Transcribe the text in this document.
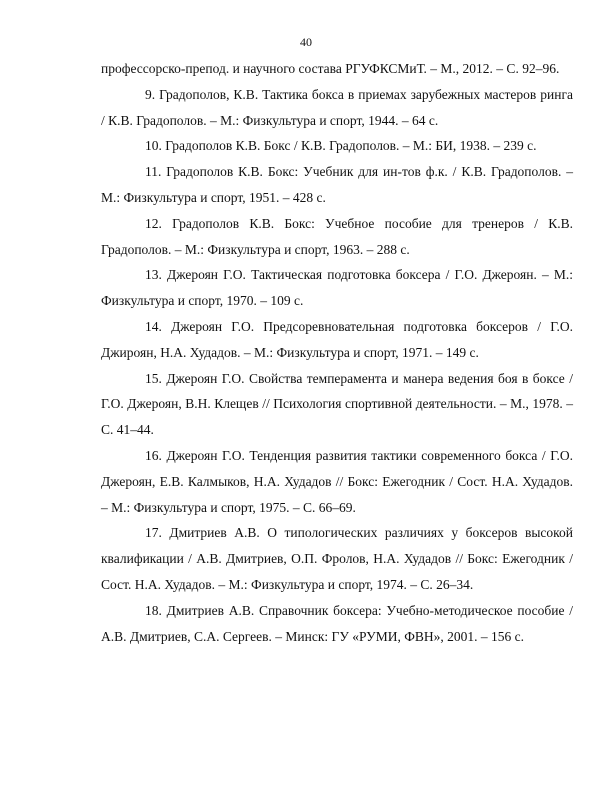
40

профессорско-препод. и научного состава РГУФКСМиТ. – М., 2012. – С. 92–96.

9. Градополов, К.В. Тактика бокса в приемах зарубежных мастеров ринга / К.В. Градополов. – М.: Физкультура и спорт, 1944. – 64 с.

10. Градополов К.В. Бокс / К.В. Градополов. – М.: БИ, 1938. – 239 с.

11. Градополов К.В. Бокс: Учебник для ин-тов ф.к. / К.В. Градополов. – М.: Физкультура и спорт, 1951. – 428 с.

12. Градополов К.В. Бокс: Учебное пособие для тренеров / К.В. Градополов. – М.: Физкультура и спорт, 1963. – 288 с.

13. Джероян Г.О. Тактическая подготовка боксера / Г.О. Джероян. – М.: Физкультура и спорт, 1970. – 109 с.

14. Джероян Г.О. Предсоревновательная подготовка боксеров / Г.О. Джироян, Н.А. Худадов. – М.: Физкультура и спорт, 1971. – 149 с.

15. Джероян Г.О. Свойства темперамента и манера ведения боя в боксе / Г.О. Джероян, В.Н. Клещев // Психология спортивной деятельности. – М., 1978. – С. 41–44.

16. Джероян Г.О. Тенденция развития тактики современного бокса / Г.О. Джероян, Е.В. Калмыков, Н.А. Худадов // Бокс: Ежегодник / Сост. Н.А. Худадов. – М.: Физкультура и спорт, 1975. – С. 66–69.

17. Дмитриев А.В. О типологических различиях у боксеров высокой квалификации / А.В. Дмитриев, О.П. Фролов, Н.А. Худадов // Бокс: Ежегодник / Сост. Н.А. Худадов. – М.: Физкультура и спорт, 1974. – С. 26–34.

18. Дмитриев А.В. Справочник боксера: Учебно-методическое пособие / А.В. Дмитриев, С.А. Сергеев. – Минск: ГУ «РУМИ, ФВН», 2001. – 156 с.
